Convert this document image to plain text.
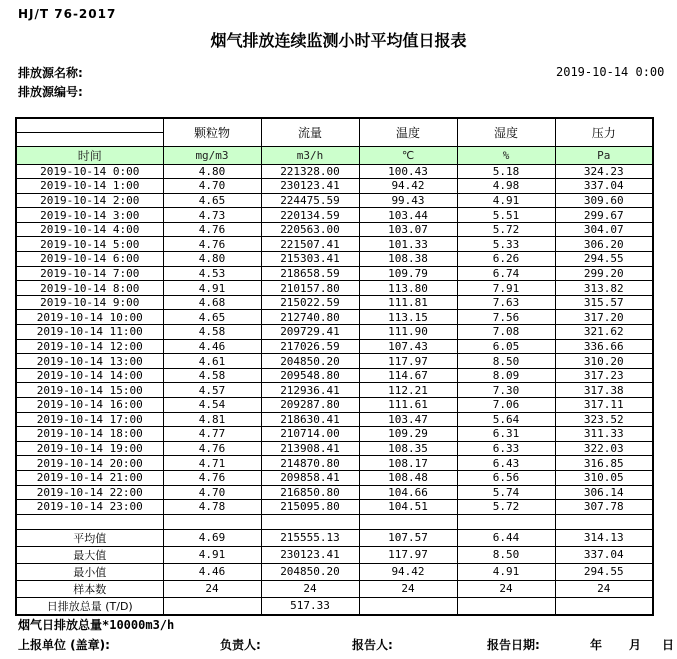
HJ/T 76-2017
烟气排放连续监测小时平均值日报表
排放源名称:
排放源编号:
2019-10-14 0:00
	颗粒物	流量	温度	湿度	压力

时间	mg/m3	m3/h	℃	%	Pa
2019-10-14 0:00	4.80	221328.00	100.43	5.18	324.23
2019-10-14 1:00	4.70	230123.41	94.42	4.98	337.04
2019-10-14 2:00	4.65	224475.59	99.43	4.91	309.60
2019-10-14 3:00	4.73	220134.59	103.44	5.51	299.67
2019-10-14 4:00	4.76	220563.00	103.07	5.72	304.07
2019-10-14 5:00	4.76	221507.41	101.33	5.33	306.20
2019-10-14 6:00	4.80	215303.41	108.38	6.26	294.55
2019-10-14 7:00	4.53	218658.59	109.79	6.74	299.20
2019-10-14 8:00	4.91	210157.80	113.80	7.91	313.82
2019-10-14 9:00	4.68	215022.59	111.81	7.63	315.57
2019-10-14 10:00	4.65	212740.80	113.15	7.56	317.20
2019-10-14 11:00	4.58	209729.41	111.90	7.08	321.62
2019-10-14 12:00	4.46	217026.59	107.43	6.05	336.66
2019-10-14 13:00	4.61	204850.20	117.97	8.50	310.20
2019-10-14 14:00	4.58	209548.80	114.67	8.09	317.23
2019-10-14 15:00	4.57	212936.41	112.21	7.30	317.38
2019-10-14 16:00	4.54	209287.80	111.61	7.06	317.11
2019-10-14 17:00	4.81	218630.41	103.47	5.64	323.52
2019-10-14 18:00	4.77	210714.00	109.29	6.31	311.33
2019-10-14 19:00	4.76	213908.41	108.35	6.33	322.03
2019-10-14 20:00	4.71	214870.80	108.17	6.43	316.85
2019-10-14 21:00	4.76	209858.41	108.48	6.56	310.05
2019-10-14 22:00	4.70	216850.80	104.66	5.74	306.14
2019-10-14 23:00	4.78	215095.80	104.51	5.72	307.78

平均值	4.69	215555.13	107.57	6.44	314.13
最大值	4.91	230123.41	117.97	8.50	337.04
最小值	4.46	204850.20	94.42	4.91	294.55
样本数	24	24	24	24	24
日排放总量 (T/D)		517.33			
烟气日排放总量*10000m3/h
上报单位 (盖章):	负责人:	报告人:	报告日期:	年 月 日
